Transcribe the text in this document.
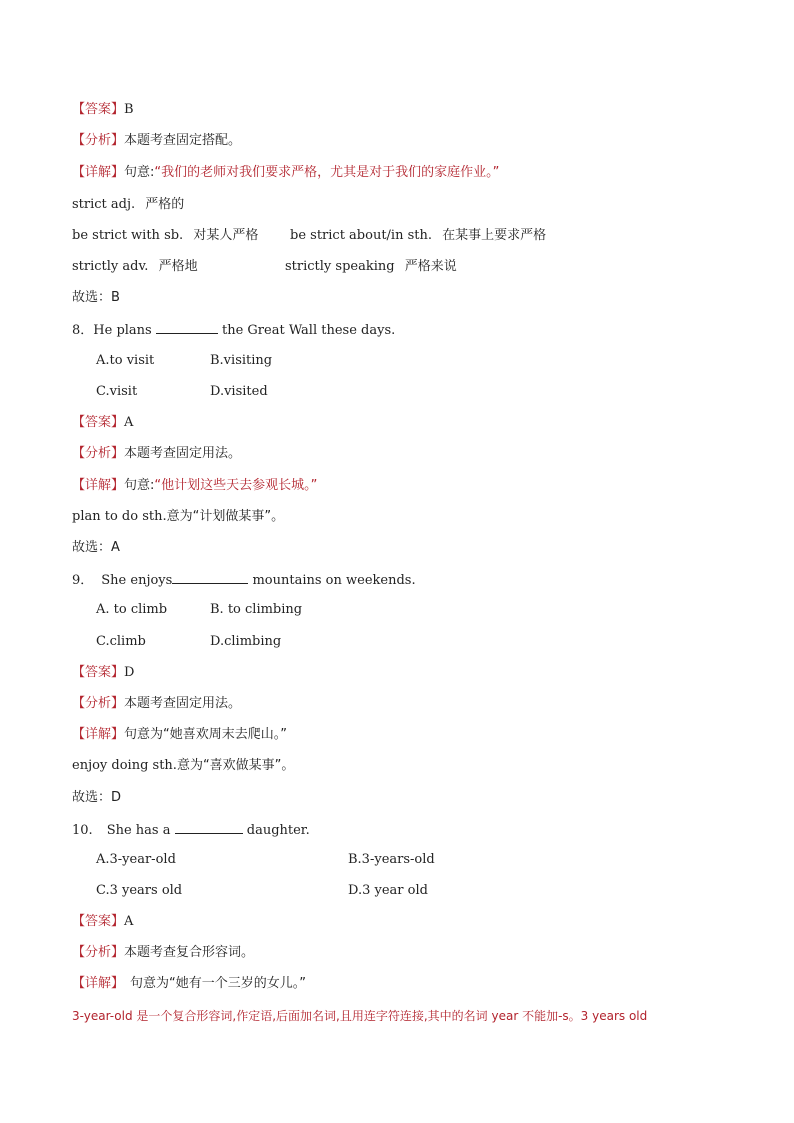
【答案】B
【分析】本题考查固定搭配。
【详解】句意:“我们的老师对我们要求严格，尤其是对于我们的家庭作业。”
strict adj. 严格的
be strict with sb. 对某人严格 be strict about/in sth. 在某事上要求严格
strictly adv. 严格地	strictly speaking 严格来说
故选：B
8．He plans	the Great Wall these days.
A.to visit	B.visiting
C.visit	D.visited
【答案】A
【分析】本题考查固定用法。
【详解】句意:“他计划这些天去参观长城。”
plan to do sth.意为“计划做某事”。
故选：A
9． She enjoys	mountains on weekends.
A. to climb	B. to climbing
C.climb	D.climbing
【答案】D
【分析】本题考查固定用法。
【详解】句意为“她喜欢周末去爬山。”
enjoy doing sth.意为“喜欢做某事”。
故选：D
10. She has a	daughter.
A.3-year-old	B.3-years-old
C.3 years old	D.3 year old
【答案】A
【分析】本题考查复合形容词。
【详解】 句意为“她有一个三岁的女儿。”
3-year-old 是一个复合形容词,作定语,后面加名词,且用连字符连接,其中的名词 year 不能加-s。3 years old
